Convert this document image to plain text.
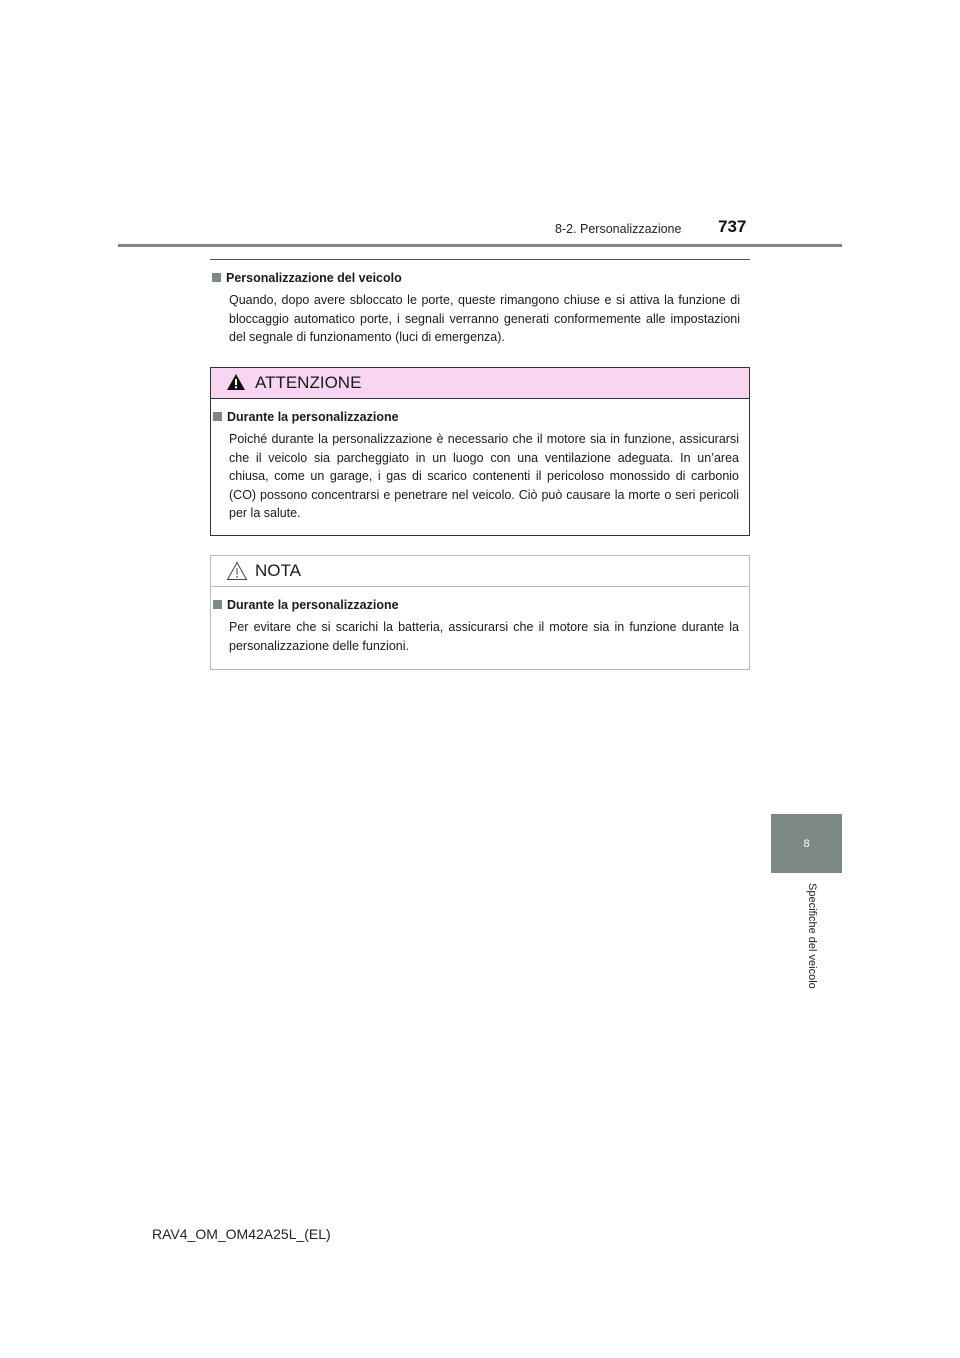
8-2. Personalizzazione 737
Personalizzazione del veicolo
Quando, dopo avere sbloccato le porte, queste rimangono chiuse e si attiva la funzione di bloccaggio automatico porte, i segnali verranno generati conformemente alle impostazioni del segnale di funzionamento (luci di emergenza).
ATTENZIONE
Durante la personalizzazione
Poiché durante la personalizzazione è necessario che il motore sia in funzione, assicurarsi che il veicolo sia parcheggiato in un luogo con una ventilazione adeguata. In un’area chiusa, come un garage, i gas di scarico contenenti il pericoloso monossido di carbonio (CO) possono concentrarsi e penetrare nel veicolo. Ciò può causare la morte o seri pericoli per la salute.
NOTA
Durante la personalizzazione
Per evitare che si scarichi la batteria, assicurarsi che il motore sia in funzione durante la personalizzazione delle funzioni.
8
Specifiche del veicolo
RAV4_OM_OM42A25L_(EL)
